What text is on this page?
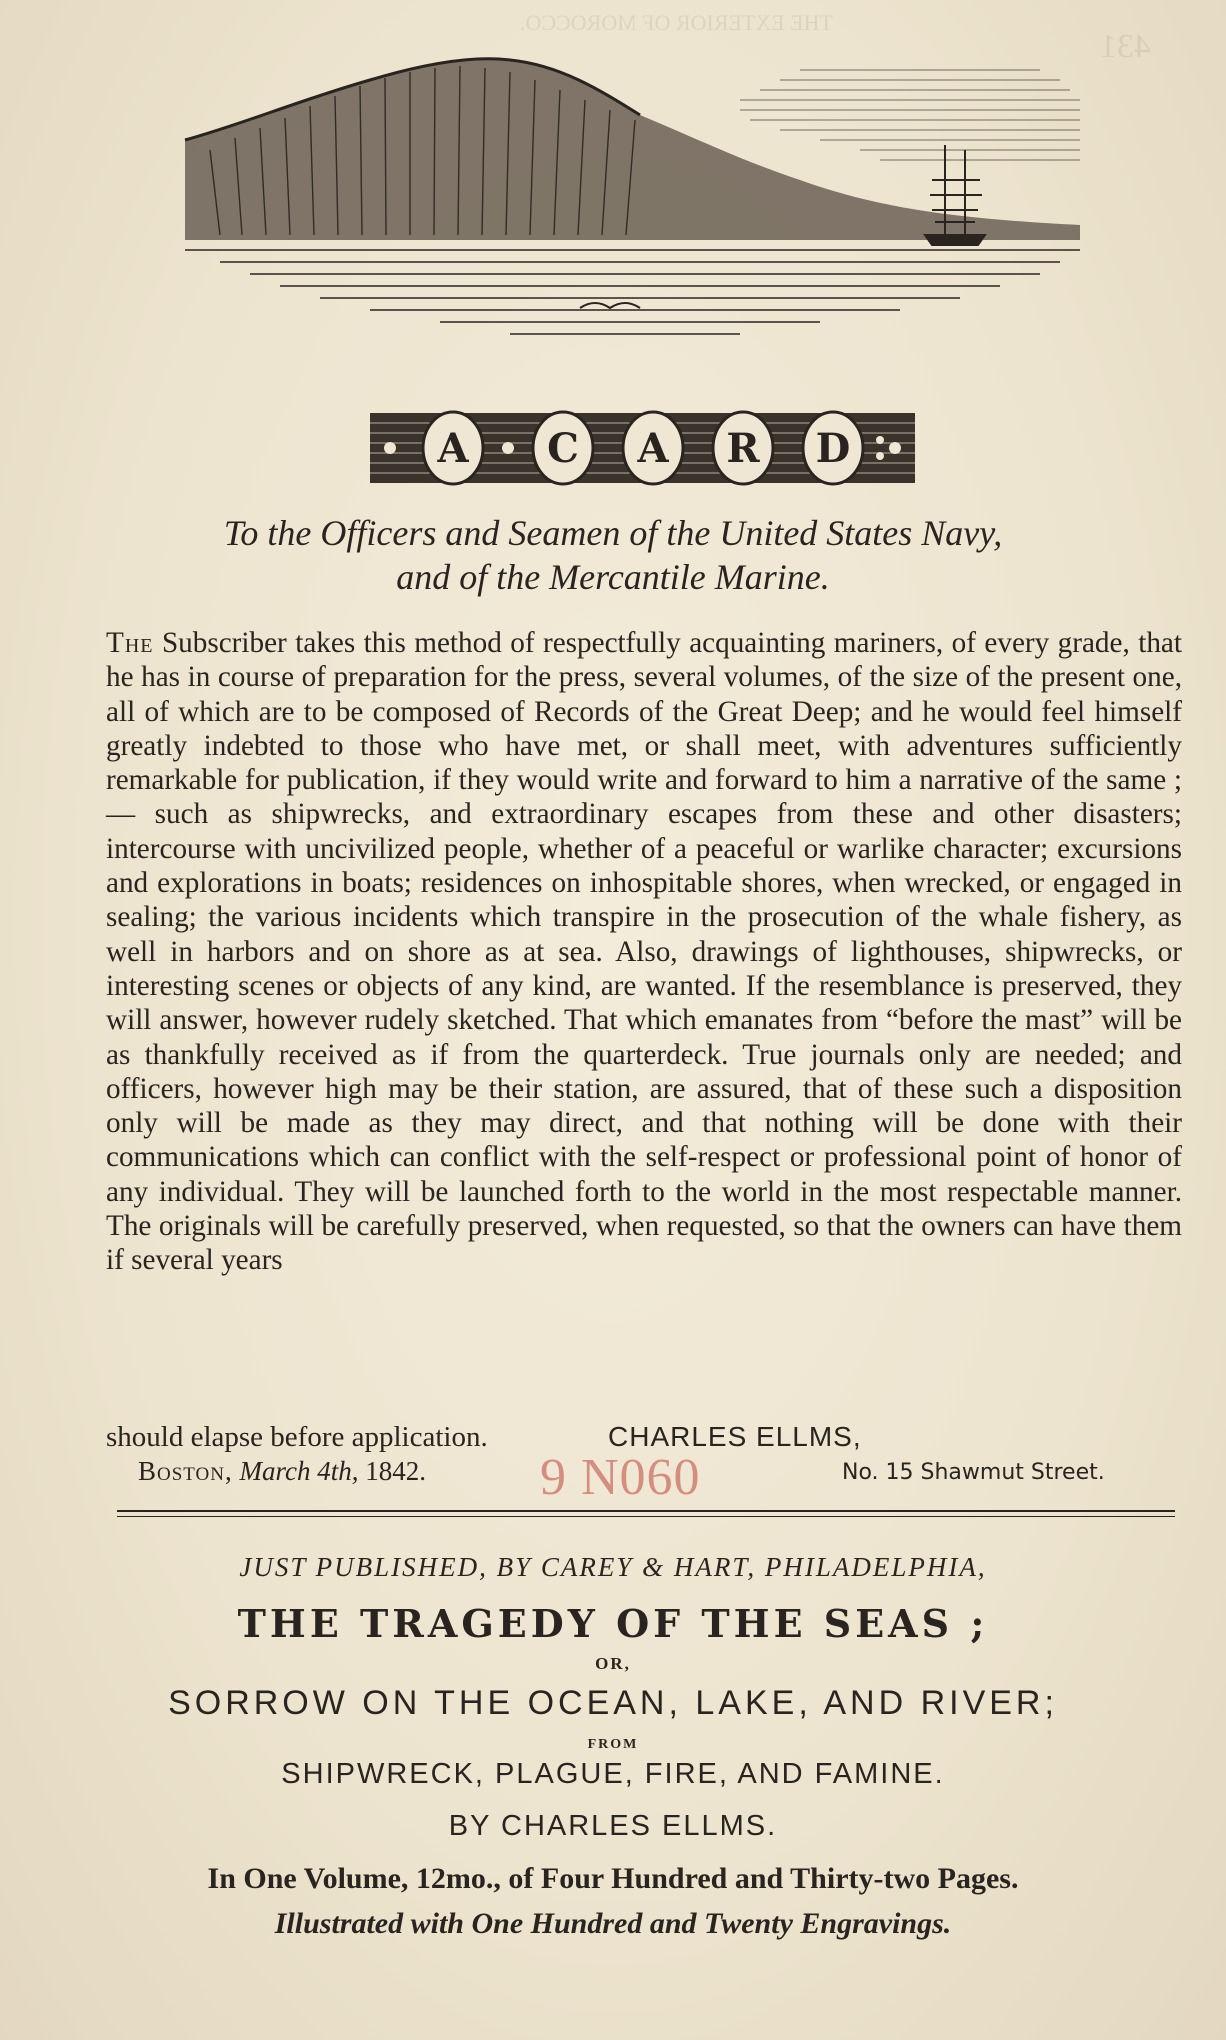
431
THE EXTERIOR OF MOROCCO.
A C A R D
To the Officers and Seamen of the United States Navy,
and of the Mercantile Marine.
The Subscriber takes this method of respectfully acquainting mariners, of every grade, that he has in course of preparation for the press, several volumes, of the size of the present one, all of which are to be composed of Records of the Great Deep; and he would feel himself greatly indebted to those who have met, or shall meet, with adventures sufficiently remarkable for publication, if they would write and forward to him a narrative of the same ; — such as shipwrecks, and extraordinary escapes from these and other disasters; intercourse with uncivilized people, whether of a peaceful or warlike character; excursions and explorations in boats; residences on inhospitable shores, when wrecked, or engaged in sealing; the various incidents which transpire in the prosecution of the whale fishery, as well in harbors and on shore as at sea. Also, drawings of lighthouses, shipwrecks, or interesting scenes or objects of any kind, are wanted. If the resemblance is preserved, they will answer, however rudely sketched. That which emanates from “before the mast” will be as thankfully received as if from the quarterdeck. True journals only are needed; and officers, however high may be their station, are assured, that of these such a disposition only will be made as they may direct, and that nothing will be done with their communications which can conflict with the self-respect or professional point of honor of any individual. They will be launched forth to the world in the most respectable manner. The originals will be carefully preserved, when requested, so that the owners can have them if several years
should elapse before application.	CHARLES ELLMS,
Boston, March 4th, 1842. 9 N060	No. 15 Shawmut Street.
JUST PUBLISHED, BY CAREY & HART, PHILADELPHIA,
THE TRAGEDY OF THE SEAS ;
OR,
SORROW ON THE OCEAN, LAKE, AND RIVER;
FROM
SHIPWRECK, PLAGUE, FIRE, AND FAMINE.
BY CHARLES ELLMS.
In One Volume, 12mo., of Four Hundred and Thirty-two Pages.
Illustrated with One Hundred and Twenty Engravings.
